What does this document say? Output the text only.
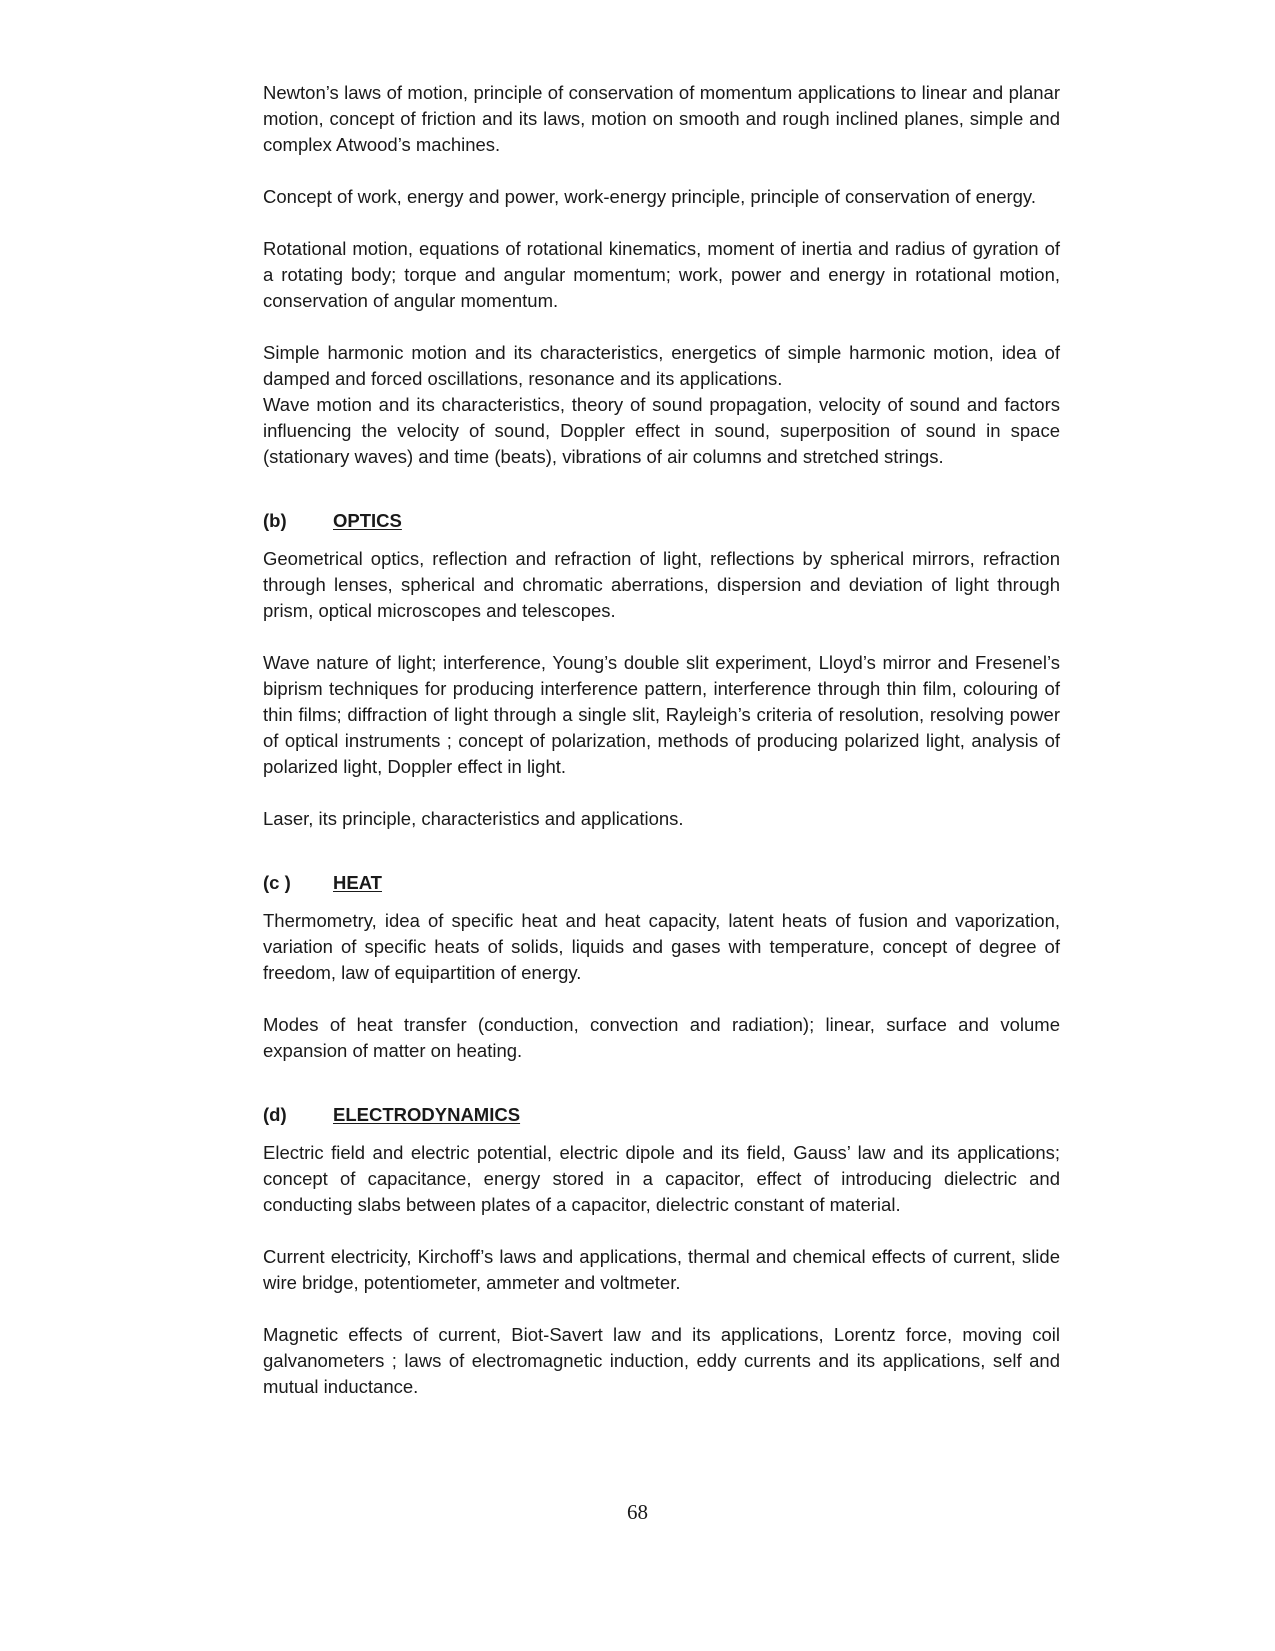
Newton’s laws of motion, principle of conservation of momentum applications to linear and planar motion, concept of friction and its laws, motion on smooth and rough inclined planes, simple and complex Atwood’s machines.

Concept of work, energy and power, work-energy principle, principle of conservation of energy.

Rotational motion, equations of rotational kinematics, moment of inertia and radius of gyration of a rotating body; torque and angular momentum; work, power and energy in rotational motion, conservation of angular momentum.

Simple harmonic motion and its characteristics, energetics of simple harmonic motion, idea of damped and forced oscillations, resonance and its applications.

Wave motion and its characteristics, theory of sound propagation, velocity of sound and factors influencing the velocity of sound, Doppler effect in sound, superposition of sound in space (stationary waves) and time (beats), vibrations of air columns and stretched strings.

(b)	OPTICS

Geometrical optics, reflection and refraction of light, reflections by spherical mirrors, refraction through lenses, spherical and chromatic aberrations, dispersion and deviation of light through prism, optical microscopes and telescopes.

Wave nature of light; interference, Young’s double slit experiment, Lloyd’s mirror and Fresenel’s biprism techniques for producing interference pattern, interference through thin film, colouring of thin films; diffraction of light through a single slit, Rayleigh’s criteria of resolution, resolving power of optical instruments ; concept of polarization, methods of producing polarized light, analysis of polarized light, Doppler effect in light.

Laser, its principle, characteristics and applications.

(c )	HEAT

Thermometry, idea of specific heat and heat capacity, latent heats of fusion and vaporization, variation of specific heats of solids, liquids and gases with temperature, concept of degree of freedom, law of equipartition of energy.

Modes of heat transfer (conduction, convection and radiation); linear, surface and volume expansion of matter on heating.

(d)	ELECTRODYNAMICS

Electric field and electric potential, electric dipole and its field, Gauss’ law and its applications; concept of capacitance, energy stored in a capacitor, effect of introducing dielectric and conducting slabs between plates of a capacitor, dielectric constant of material.

Current electricity, Kirchoff’s laws and applications, thermal and chemical effects of current, slide wire bridge, potentiometer, ammeter and voltmeter.

Magnetic effects of current, Biot-Savert law and its applications, Lorentz force, moving coil galvanometers ; laws of electromagnetic induction, eddy currents and its applications, self and mutual inductance.

68
